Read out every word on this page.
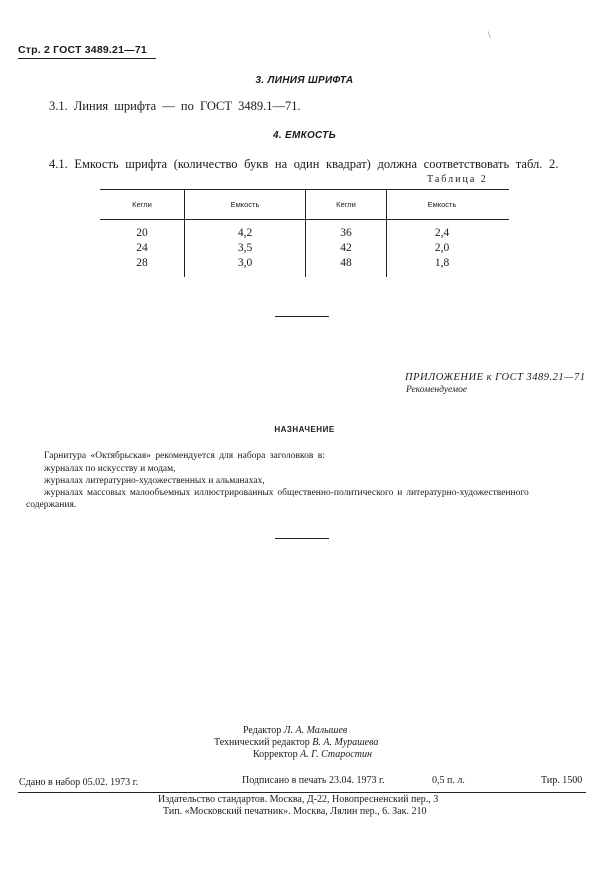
Стр. 2 ГОСТ 3489.21—71
\
3. ЛИНИЯ ШРИФТА
3.1. Линия шрифта — по ГОСТ 3489.1—71.
4. ЕМКОСТЬ
4.1. Емкость шрифта (количество букв на один квадрат) должна соответствовать табл. 2.
Таблица 2
Кегли	Емкость	Кегли	Емкость
20	4,2	36	2,4
24	3,5	42	2,0
28	3,0	48	1,8
ПРИЛОЖЕНИЕ к ГОСТ 3489.21—71
Рекомендуемое
НАЗНАЧЕНИЕ
Гарнитура «Октябрьская» рекомендуется для набора заголовков в:
журналах по искусству и модам,
журналах литературно-художественных и альманахах,
журналах массовых малообъемных иллюстрированных общественно-политического и литературно-художественного
содержания.
Редактор Л. А. Малышев
Технический редактор В. А. Мурашева
Корректор А. Г. Старостин
Сдано в набор 05.02. 1973 г.	Подписано в печать 23.04. 1973 г.	0,5 п. л.	Тир. 1500
Издательство стандартов. Москва, Д-22, Новопресненский пер., 3
Тип. «Московский печатник». Москва, Лялин пер., 6. Зак. 210
